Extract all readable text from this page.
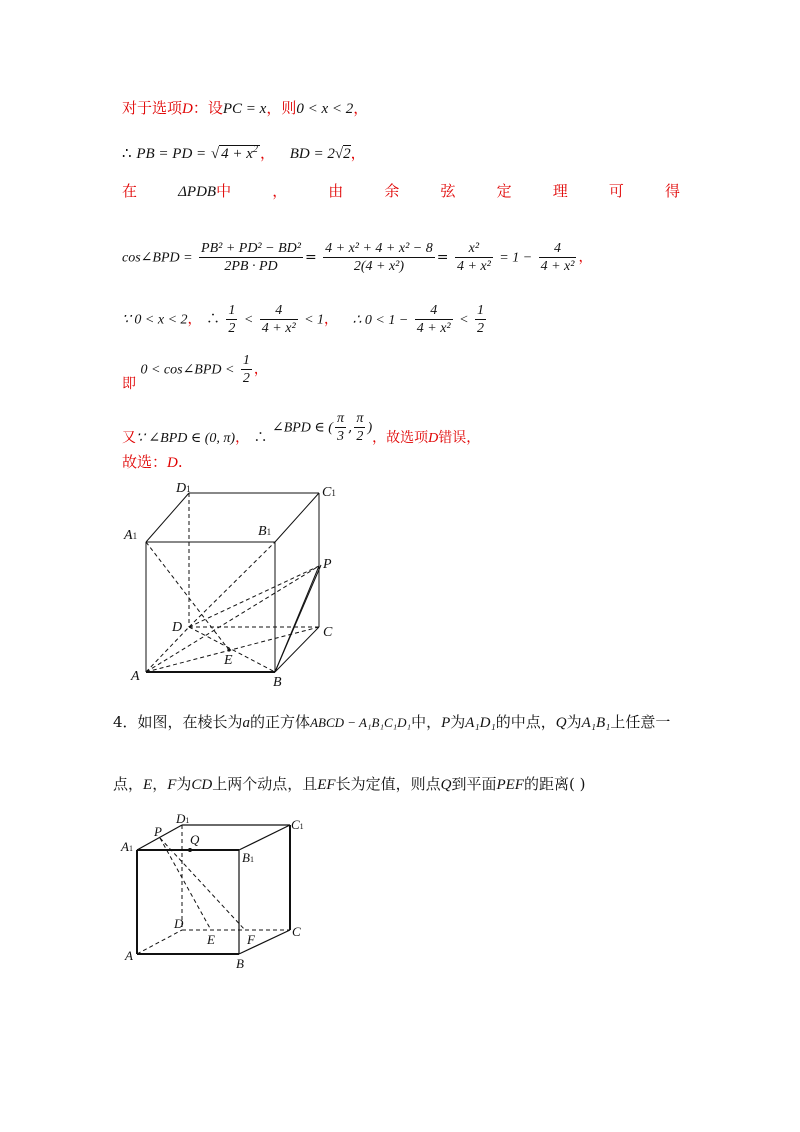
对于选项D：设PC = x，则0 < x < 2，
∴ PB = PD = √ $4 + x^2$ ， BD = 2√2，
在	ΔPDB中	，	由	余	弦	定	理	可	得
cos∠BPD = $\frac{\text{PB² + PD² − BD²}}{2PB \cdot PD} = \frac{\text{4 + x² + 4 + x² − 8}}{\text{2(4 + x²)}} = \frac{\text{x²}}{\text{4 + x²}} = 1 - \frac{4}{\text{4 + x²}}$ ，
∵ 0 < x < 2， ∴ $\frac{1}{2} < \frac{4}{\text{4 + x²}} < 1$， ∴ $0 < 1 - \frac{4}{\text{4 + x²}} < \frac{1}{2}$
即 0 < cos∠BPD < $\frac{1}{2}$ ，
又∵ ∠BPD ∈ (0, π)， ∴ ∠BPD ∈ ( $\frac{\pi}{3}$ , $\frac{\pi}{2}$ )，故选项D错误，
故选：D.
A1
D1	C1
B1
P
D	C
E
A	B
4．如图，在棱长为a的正方体ABCD − A₁B₁C₁D₁中，P为A₁D₁的中点，Q为A₁B₁上任意一
点，E，F为CD上两个动点，且EF长为定值，则点Q到平面PEF的距离( )
A1
P
D1
Q
C1
B1
D
E F
C
A
B
